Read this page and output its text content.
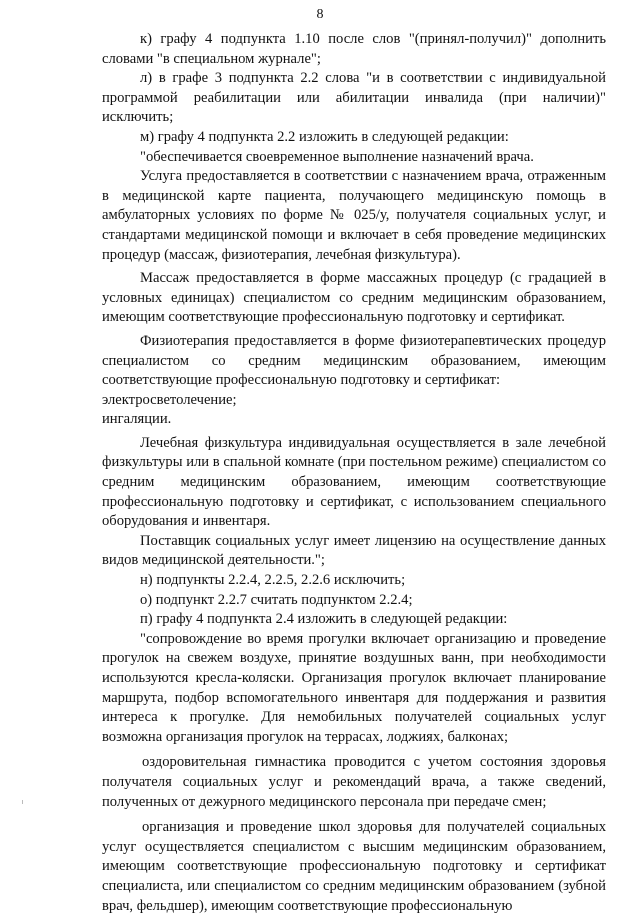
8

к) графу 4 подпункта 1.10 после слов "(принял-получил)" дополнить словами "в специальном журнале";

л) в графе 3 подпункта 2.2 слова "и в соответствии с индивидуальной программой реабилитации или абилитации инвалида (при наличии)" исключить;

м) графу 4 подпункта 2.2 изложить в следующей редакции:

"обеспечивается своевременное выполнение назначений врача.

Услуга предоставляется в соответствии с назначением врача, отраженным в медицинской карте пациента, получающего медицинскую помощь в амбулаторных условиях по форме № 025/у, получателя социальных услуг, и стандартами медицинской помощи и включает в себя проведение медицинских процедур (массаж, физиотерапия, лечебная физкультура).

Массаж предоставляется в форме массажных процедур (с градацией в условных единицах) специалистом со средним медицинским образованием, имеющим соответствующие профессиональную подготовку и сертификат.

Физиотерапия предоставляется в форме физиотерапевтических процедур специалистом со средним медицинским образованием, имеющим соответствующие профессиональную подготовку и сертификат:

электросветолечение;

ингаляции.

Лечебная физкультура индивидуальная осуществляется в зале лечебной физкультуры или в спальной комнате (при постельном режиме) специалистом со средним медицинским образованием, имеющим соответствующие профессиональную подготовку и сертификат, с использованием специального оборудования и инвентаря.

Поставщик социальных услуг имеет лицензию на осуществление данных видов медицинской деятельности.";

н) подпункты 2.2.4, 2.2.5, 2.2.6 исключить;

о) подпункт 2.2.7 считать подпунктом 2.2.4;

п) графу 4 подпункта 2.4 изложить в следующей редакции:

"сопровождение во время прогулки включает организацию и проведение прогулок на свежем воздухе, принятие воздушных ванн, при необходимости используются кресла-коляски. Организация прогулок включает планирование маршрута, подбор вспомогательного инвентаря для поддержания и развития интереса к прогулке. Для немобильных получателей социальных услуг возможна организация прогулок на террасах, лоджиях, балконах;

оздоровительная гимнастика проводится с учетом состояния здоровья получателя социальных услуг и рекомендаций врача, а также сведений, полученных от дежурного медицинского персонала при передаче смен;

организация и проведение школ здоровья для получателей социальных услуг осуществляется специалистом с высшим медицинским образованием, имеющим соответствующие профессиональную подготовку и сертификат специалиста, или специалистом со средним медицинским образованием (зубной врач, фельдшер), имеющим соответствующие профессиональную
